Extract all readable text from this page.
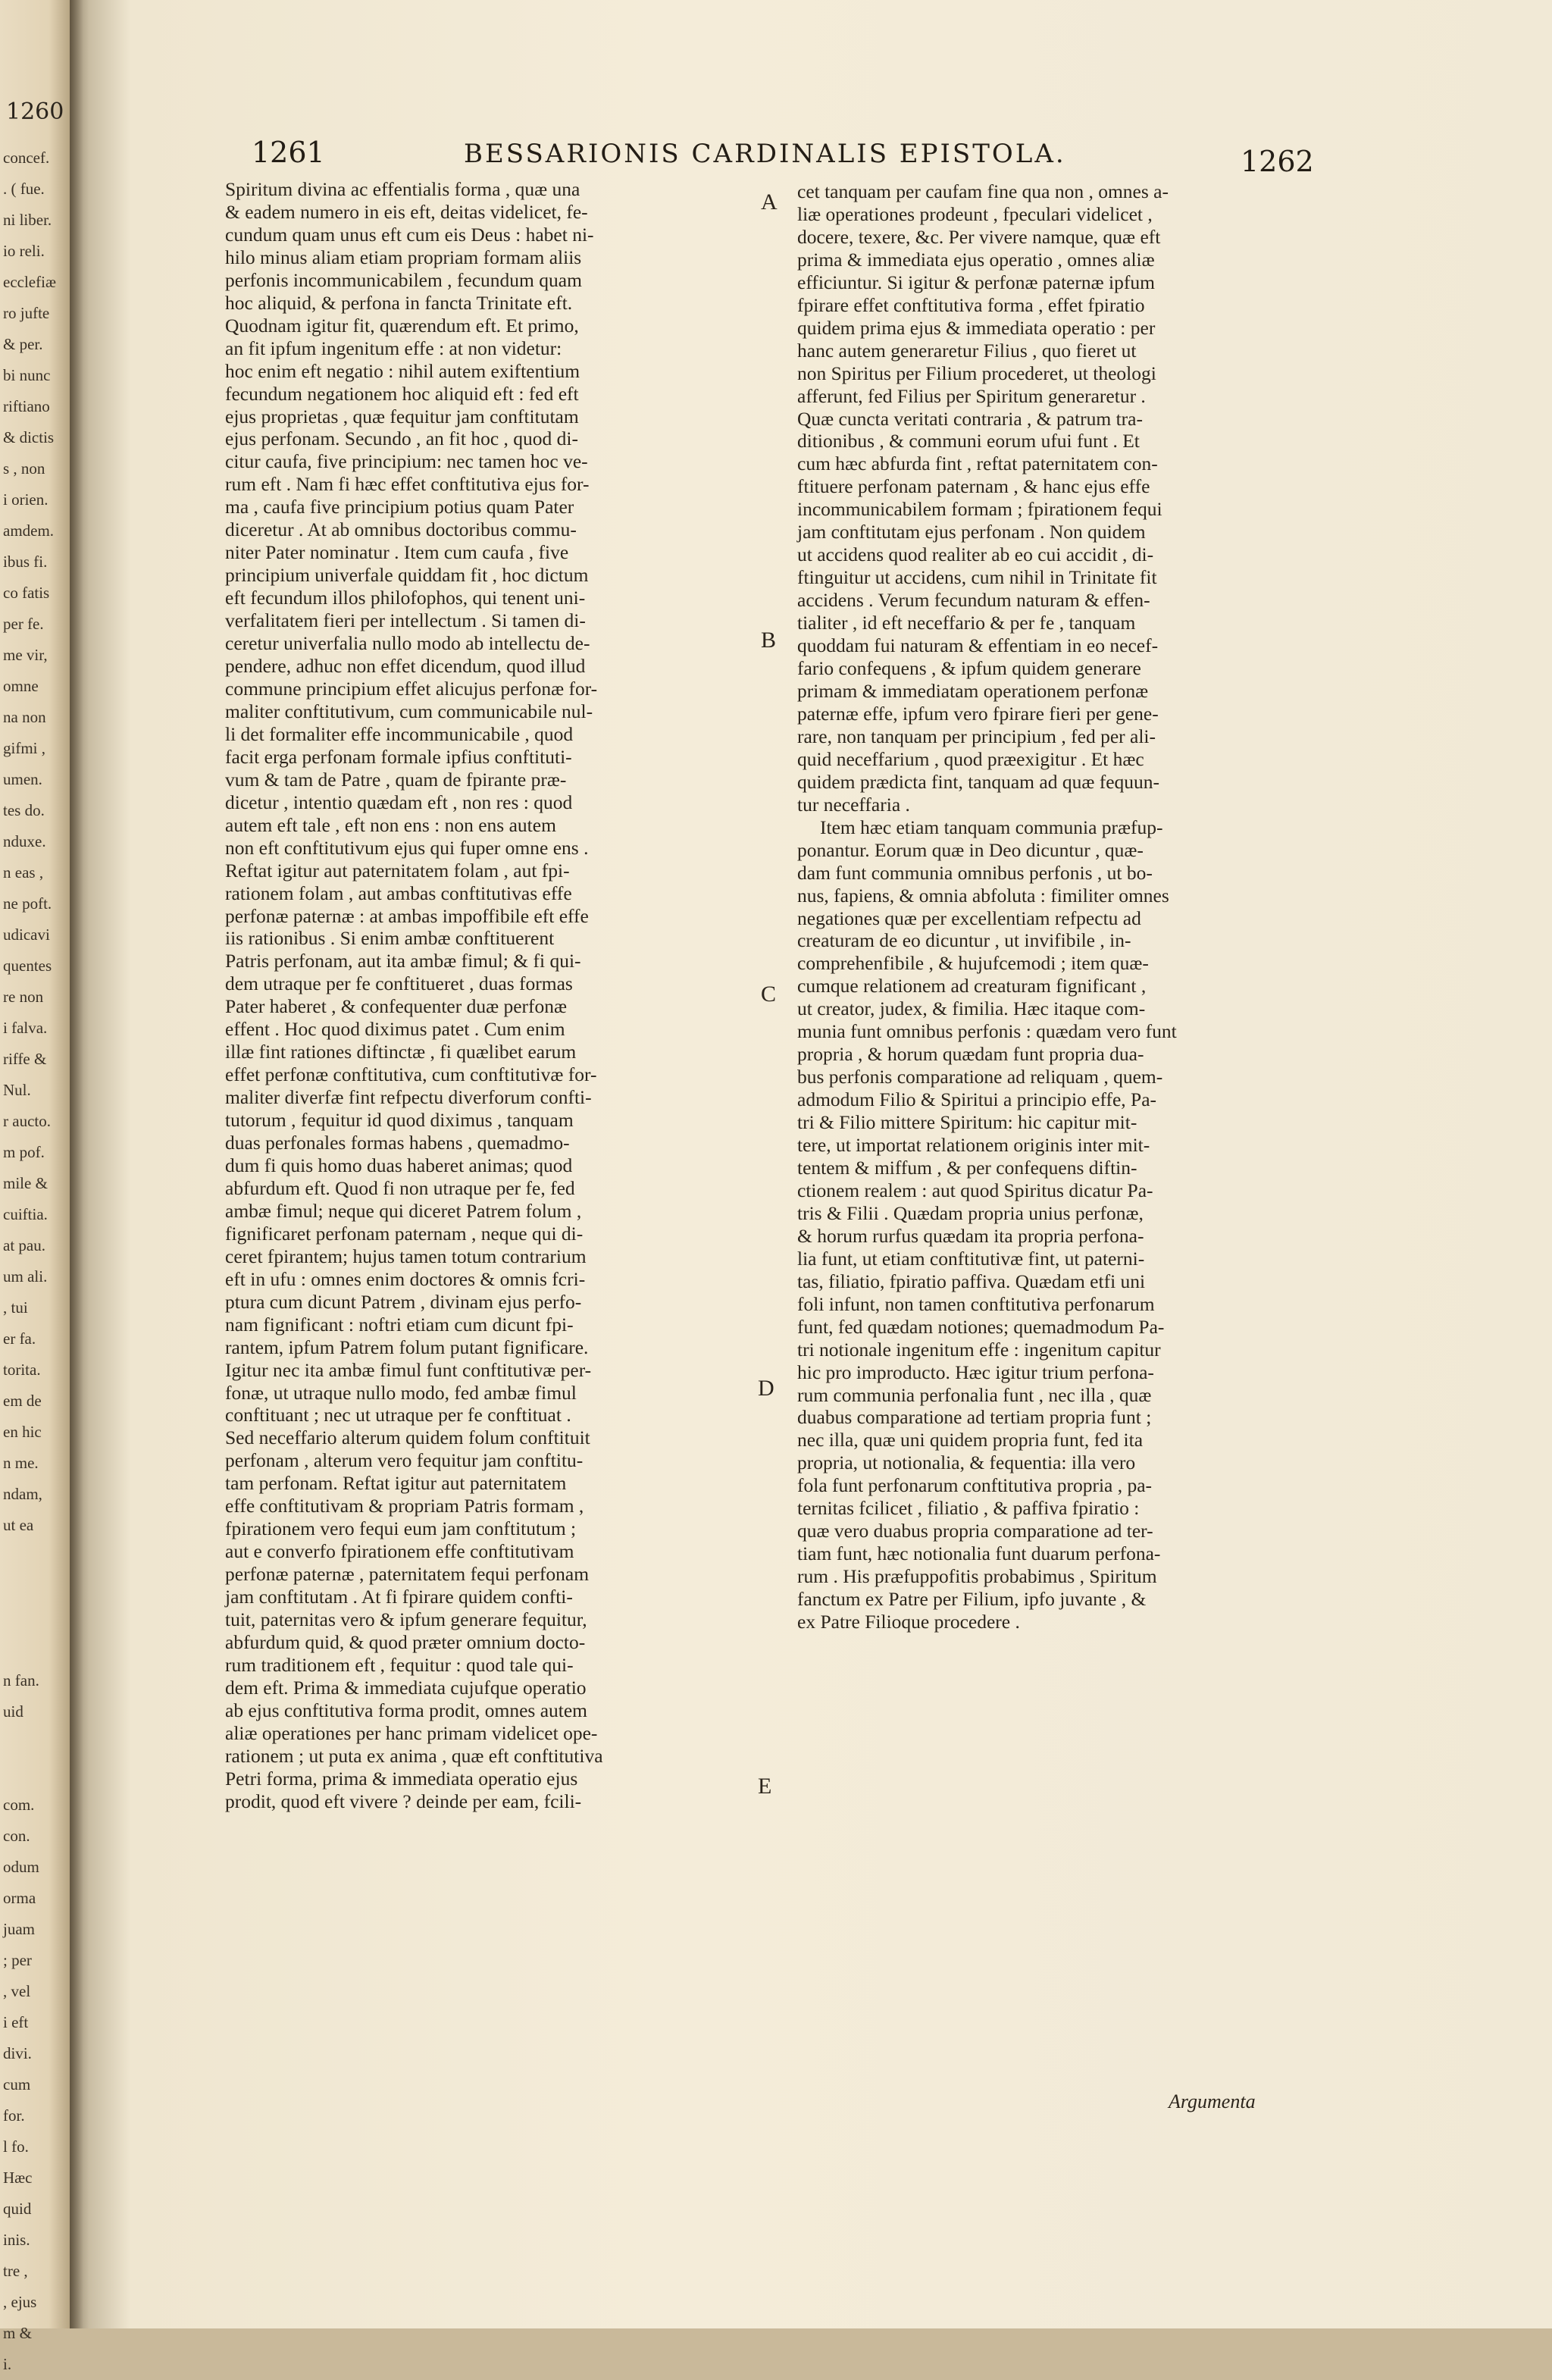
1260
concef.
. ( fue.
ni liber.
io reli.
ecclefiæ
ro jufte
& per.
bi nunc
riftiano
& dictis
s , non
i orien.
amdem.
ibus fi.
co fatis
per fe.
me vir,
omne
na non
gifmi ,
umen.
tes do.
nduxe.
n eas ,
ne poft.
udicavi
quentes
re non
i falva.
riffe &
Nul.
r aucto.
m pof.
mile &
cuiftia.
at pau.
um ali.
, tui
er fa.
torita.
em de
en hic
n me.
ndam,
ut ea
n fan.
uid
com.
con.
odum
orma
juam
; per
, vel
i eft
divi.
cum
for.
l fo.
Hæc
quid
inis.
tre ,
, ejus
m &
i.
1261	BESSARIONIS CARDINALIS EPISTOLA.	1262
Spiritum divina ac effentialis forma , quæ una
& eadem numero in eis eft, deitas videlicet, fe-
cundum quam unus eft cum eis Deus : habet ni-
hilo minus aliam etiam propriam formam aliis
perfonis incommunicabilem , fecundum quam
hoc aliquid, & perfona in fancta Trinitate eft.
Quodnam igitur fit, quærendum eft. Et primo,
an fit ipfum ingenitum effe : at non videtur:
hoc enim eft negatio : nihil autem exiftentium
fecundum negationem hoc aliquid eft : fed eft
ejus proprietas , quæ fequitur jam conftitutam
ejus perfonam. Secundo , an fit hoc , quod di-
citur caufa, five principium: nec tamen hoc ve-
rum eft . Nam fi hæc effet conftitutiva ejus for-
ma , caufa five principium potius quam Pater
diceretur . At ab omnibus doctoribus commu-
niter Pater nominatur . Item cum caufa , five
principium univerfale quiddam fit , hoc dictum
eft fecundum illos philofophos, qui tenent uni-
verfalitatem fieri per intellectum . Si tamen di-
ceretur univerfalia nullo modo ab intellectu de-
pendere, adhuc non effet dicendum, quod illud
commune principium effet alicujus perfonæ for-
maliter conftitutivum, cum communicabile nul-
li det formaliter effe incommunicabile , quod
facit erga perfonam formale ipfius conftituti-
vum & tam de Patre , quam de fpirante præ-
dicetur , intentio quædam eft , non res : quod
autem eft tale , eft non ens : non ens autem
non eft conftitutivum ejus qui fuper omne ens .
Reftat igitur aut paternitatem folam , aut fpi-
rationem folam , aut ambas conftitutivas effe
perfonæ paternæ : at ambas impoffibile eft effe
iis rationibus . Si enim ambæ conftituerent
Patris perfonam, aut ita ambæ fimul; & fi qui-
dem utraque per fe conftitueret , duas formas
Pater haberet , & confequenter duæ perfonæ
effent . Hoc quod diximus patet . Cum enim
illæ fint rationes diftinctæ , fi quælibet earum
effet perfonæ conftitutiva, cum conftitutivæ for-
maliter diverfæ fint refpectu diverforum confti-
tutorum , fequitur id quod diximus , tanquam
duas perfonales formas habens , quemadmo-
dum fi quis homo duas haberet animas; quod
abfurdum eft. Quod fi non utraque per fe, fed
ambæ fimul; neque qui diceret Patrem folum ,
fignificaret perfonam paternam , neque qui di-
ceret fpirantem; hujus tamen totum contrarium
eft in ufu : omnes enim doctores & omnis fcri-
ptura cum dicunt Patrem , divinam ejus perfo-
nam fignificant : noftri etiam cum dicunt fpi-
rantem, ipfum Patrem folum putant fignificare.
Igitur nec ita ambæ fimul funt conftitutivæ per-
fonæ, ut utraque nullo modo, fed ambæ fimul
conftituant ; nec ut utraque per fe conftituat .
Sed neceffario alterum quidem folum conftituit
perfonam , alterum vero fequitur jam conftitu-
tam perfonam. Reftat igitur aut paternitatem
effe conftitutivam & propriam Patris formam ,
fpirationem vero fequi eum jam conftitutum ;
aut e converfo fpirationem effe conftitutivam
perfonæ paternæ , paternitatem fequi perfonam
jam conftitutam . At fi fpirare quidem confti-
tuit, paternitas vero & ipfum generare fequitur,
abfurdum quid, & quod præter omnium docto-
rum traditionem eft , fequitur : quod tale qui-
dem eft. Prima & immediata cujufque operatio
ab ejus conftitutiva forma prodit, omnes autem
aliæ operationes per hanc primam videlicet ope-
rationem ; ut puta ex anima , quæ eft conftitutiva
Petri forma, prima & immediata operatio ejus
prodit, quod eft vivere ? deinde per eam, fcili-
cet tanquam per caufam fine qua non , omnes a-
liæ operationes prodeunt , fpeculari videlicet ,
docere, texere, &c. Per vivere namque, quæ eft
prima & immediata ejus operatio , omnes aliæ
efficiuntur. Si igitur & perfonæ paternæ ipfum
fpirare effet conftitutiva forma , effet fpiratio
quidem prima ejus & immediata operatio : per
hanc autem generaretur Filius , quo fieret ut
non Spiritus per Filium procederet, ut theologi
afferunt, fed Filius per Spiritum generaretur .
Quæ cuncta veritati contraria , & patrum tra-
ditionibus , & communi eorum ufui funt . Et
cum hæc abfurda fint , reftat paternitatem con-
ftituere perfonam paternam , & hanc ejus effe
incommunicabilem formam ; fpirationem fequi
jam conftitutam ejus perfonam . Non quidem
ut accidens quod realiter ab eo cui accidit , di-
ftinguitur ut accidens, cum nihil in Trinitate fit
accidens . Verum fecundum naturam & effen-
tialiter , id eft neceffario & per fe , tanquam
quoddam fui naturam & effentiam in eo necef-
fario confequens , & ipfum quidem generare
primam & immediatam operationem perfonæ
paternæ effe, ipfum vero fpirare fieri per gene-
rare, non tanquam per principium , fed per ali-
quid neceffarium , quod præexigitur . Et hæc
quidem prædicta fint, tanquam ad quæ fequun-
tur neceffaria .
Item hæc etiam tanquam communia præfup-
ponantur. Eorum quæ in Deo dicuntur , quæ-
dam funt communia omnibus perfonis , ut bo-
nus, fapiens, & omnia abfoluta : fimiliter omnes
negationes quæ per excellentiam refpectu ad
creaturam de eo dicuntur , ut invifibile , in-
comprehenfibile , & hujufcemodi ; item quæ-
cumque relationem ad creaturam fignificant ,
ut creator, judex, & fimilia. Hæc itaque com-
munia funt omnibus perfonis : quædam vero funt
propria , & horum quædam funt propria dua-
bus perfonis comparatione ad reliquam , quem-
admodum Filio & Spiritui a principio effe, Pa-
tri & Filio mittere Spiritum: hic capitur mit-
tere, ut importat relationem originis inter mit-
tentem & miffum , & per confequens diftin-
ctionem realem : aut quod Spiritus dicatur Pa-
tris & Filii . Quædam propria unius perfonæ,
& horum rurfus quædam ita propria perfona-
lia funt, ut etiam conftitutivæ fint, ut paterni-
tas, filiatio, fpiratio paffiva. Quædam etfi uni
foli infunt, non tamen conftitutiva perfonarum
funt, fed quædam notiones; quemadmodum Pa-
tri notionale ingenitum effe : ingenitum capitur
hic pro improducto. Hæc igitur trium perfona-
rum communia perfonalia funt , nec illa , quæ
duabus comparatione ad tertiam propria funt ;
nec illa, quæ uni quidem propria funt, fed ita
propria, ut notionalia, & fequentia: illa vero
fola funt perfonarum conftitutiva propria , pa-
ternitas fcilicet , filiatio , & paffiva fpiratio :
quæ vero duabus propria comparatione ad ter-
tiam funt, hæc notionalia funt duarum perfona-
rum . His præfuppofitis probabimus , Spiritum
fanctum ex Patre per Filium, ipfo juvante , &
ex Patre Filioque procedere .
A
B
C
D
E
Argumenta
